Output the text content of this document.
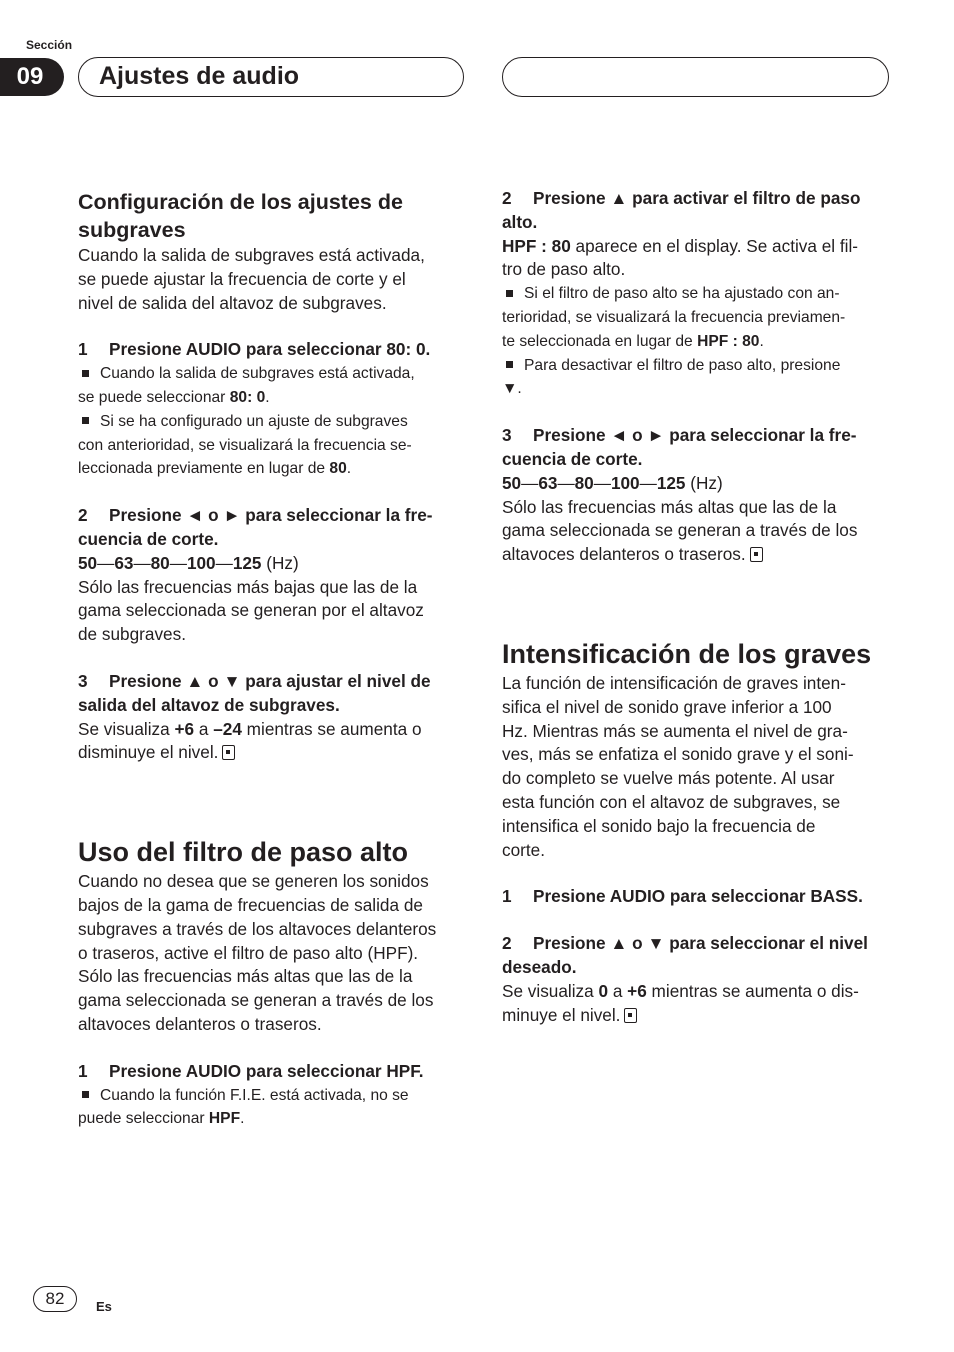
Sección
09	Ajustes de audio

Configuración de los ajustes de
subgraves

Cuando la salida de subgraves está activada,
se puede ajustar la frecuencia de corte y el
nivel de salida del altavoz de subgraves.

1 Presione AUDIO para seleccionar 80: 0.

Cuando la salida de subgraves está activada,
se puede seleccionar 80: 0.

Si se ha configurado un ajuste de subgraves
con anterioridad, se visualizará la frecuencia se-
leccionada previamente en lugar de 80.

2 Presione ◄ o ► para seleccionar la fre-
cuencia de corte.

50—63—80—100—125 (Hz)

Sólo las frecuencias más bajas que las de la
gama seleccionada se generan por el altavoz
de subgraves.

3 Presione ▲ o ▼ para ajustar el nivel de
salida del altavoz de subgraves.

Se visualiza +6 a –24 mientras se aumenta o
disminuye el nivel.

Uso del filtro de paso alto

Cuando no desea que se generen los sonidos
bajos de la gama de frecuencias de salida de
subgraves a través de los altavoces delanteros
o traseros, active el filtro de paso alto (HPF).
Sólo las frecuencias más altas que las de la
gama seleccionada se generan a través de los
altavoces delanteros o traseros.

1 Presione AUDIO para seleccionar HPF.

Cuando la función F.I.E. está activada, no se
puede seleccionar HPF.

2 Presione ▲ para activar el filtro de paso
alto.

HPF : 80 aparece en el display. Se activa el fil-
tro de paso alto.

Si el filtro de paso alto se ha ajustado con an-
terioridad, se visualizará la frecuencia previamen-
te seleccionada en lugar de HPF : 80.

Para desactivar el filtro de paso alto, presione
▼.

3 Presione ◄ o ► para seleccionar la fre-
cuencia de corte.

50—63—80—100—125 (Hz)

Sólo las frecuencias más altas que las de la
gama seleccionada se generan a través de los
altavoces delanteros o traseros.

Intensificación de los graves

La función de intensificación de graves inten-
sifica el nivel de sonido grave inferior a 100
Hz. Mientras más se aumenta el nivel de gra-
ves, más se enfatiza el sonido grave y el soni-
do completo se vuelve más potente. Al usar
esta función con el altavoz de subgraves, se
intensifica el sonido bajo la frecuencia de
corte.

1 Presione AUDIO para seleccionar BASS.

2 Presione ▲ o ▼ para seleccionar el nivel
deseado.

Se visualiza 0 a +6 mientras se aumenta o dis-
minuye el nivel.

82	Es
